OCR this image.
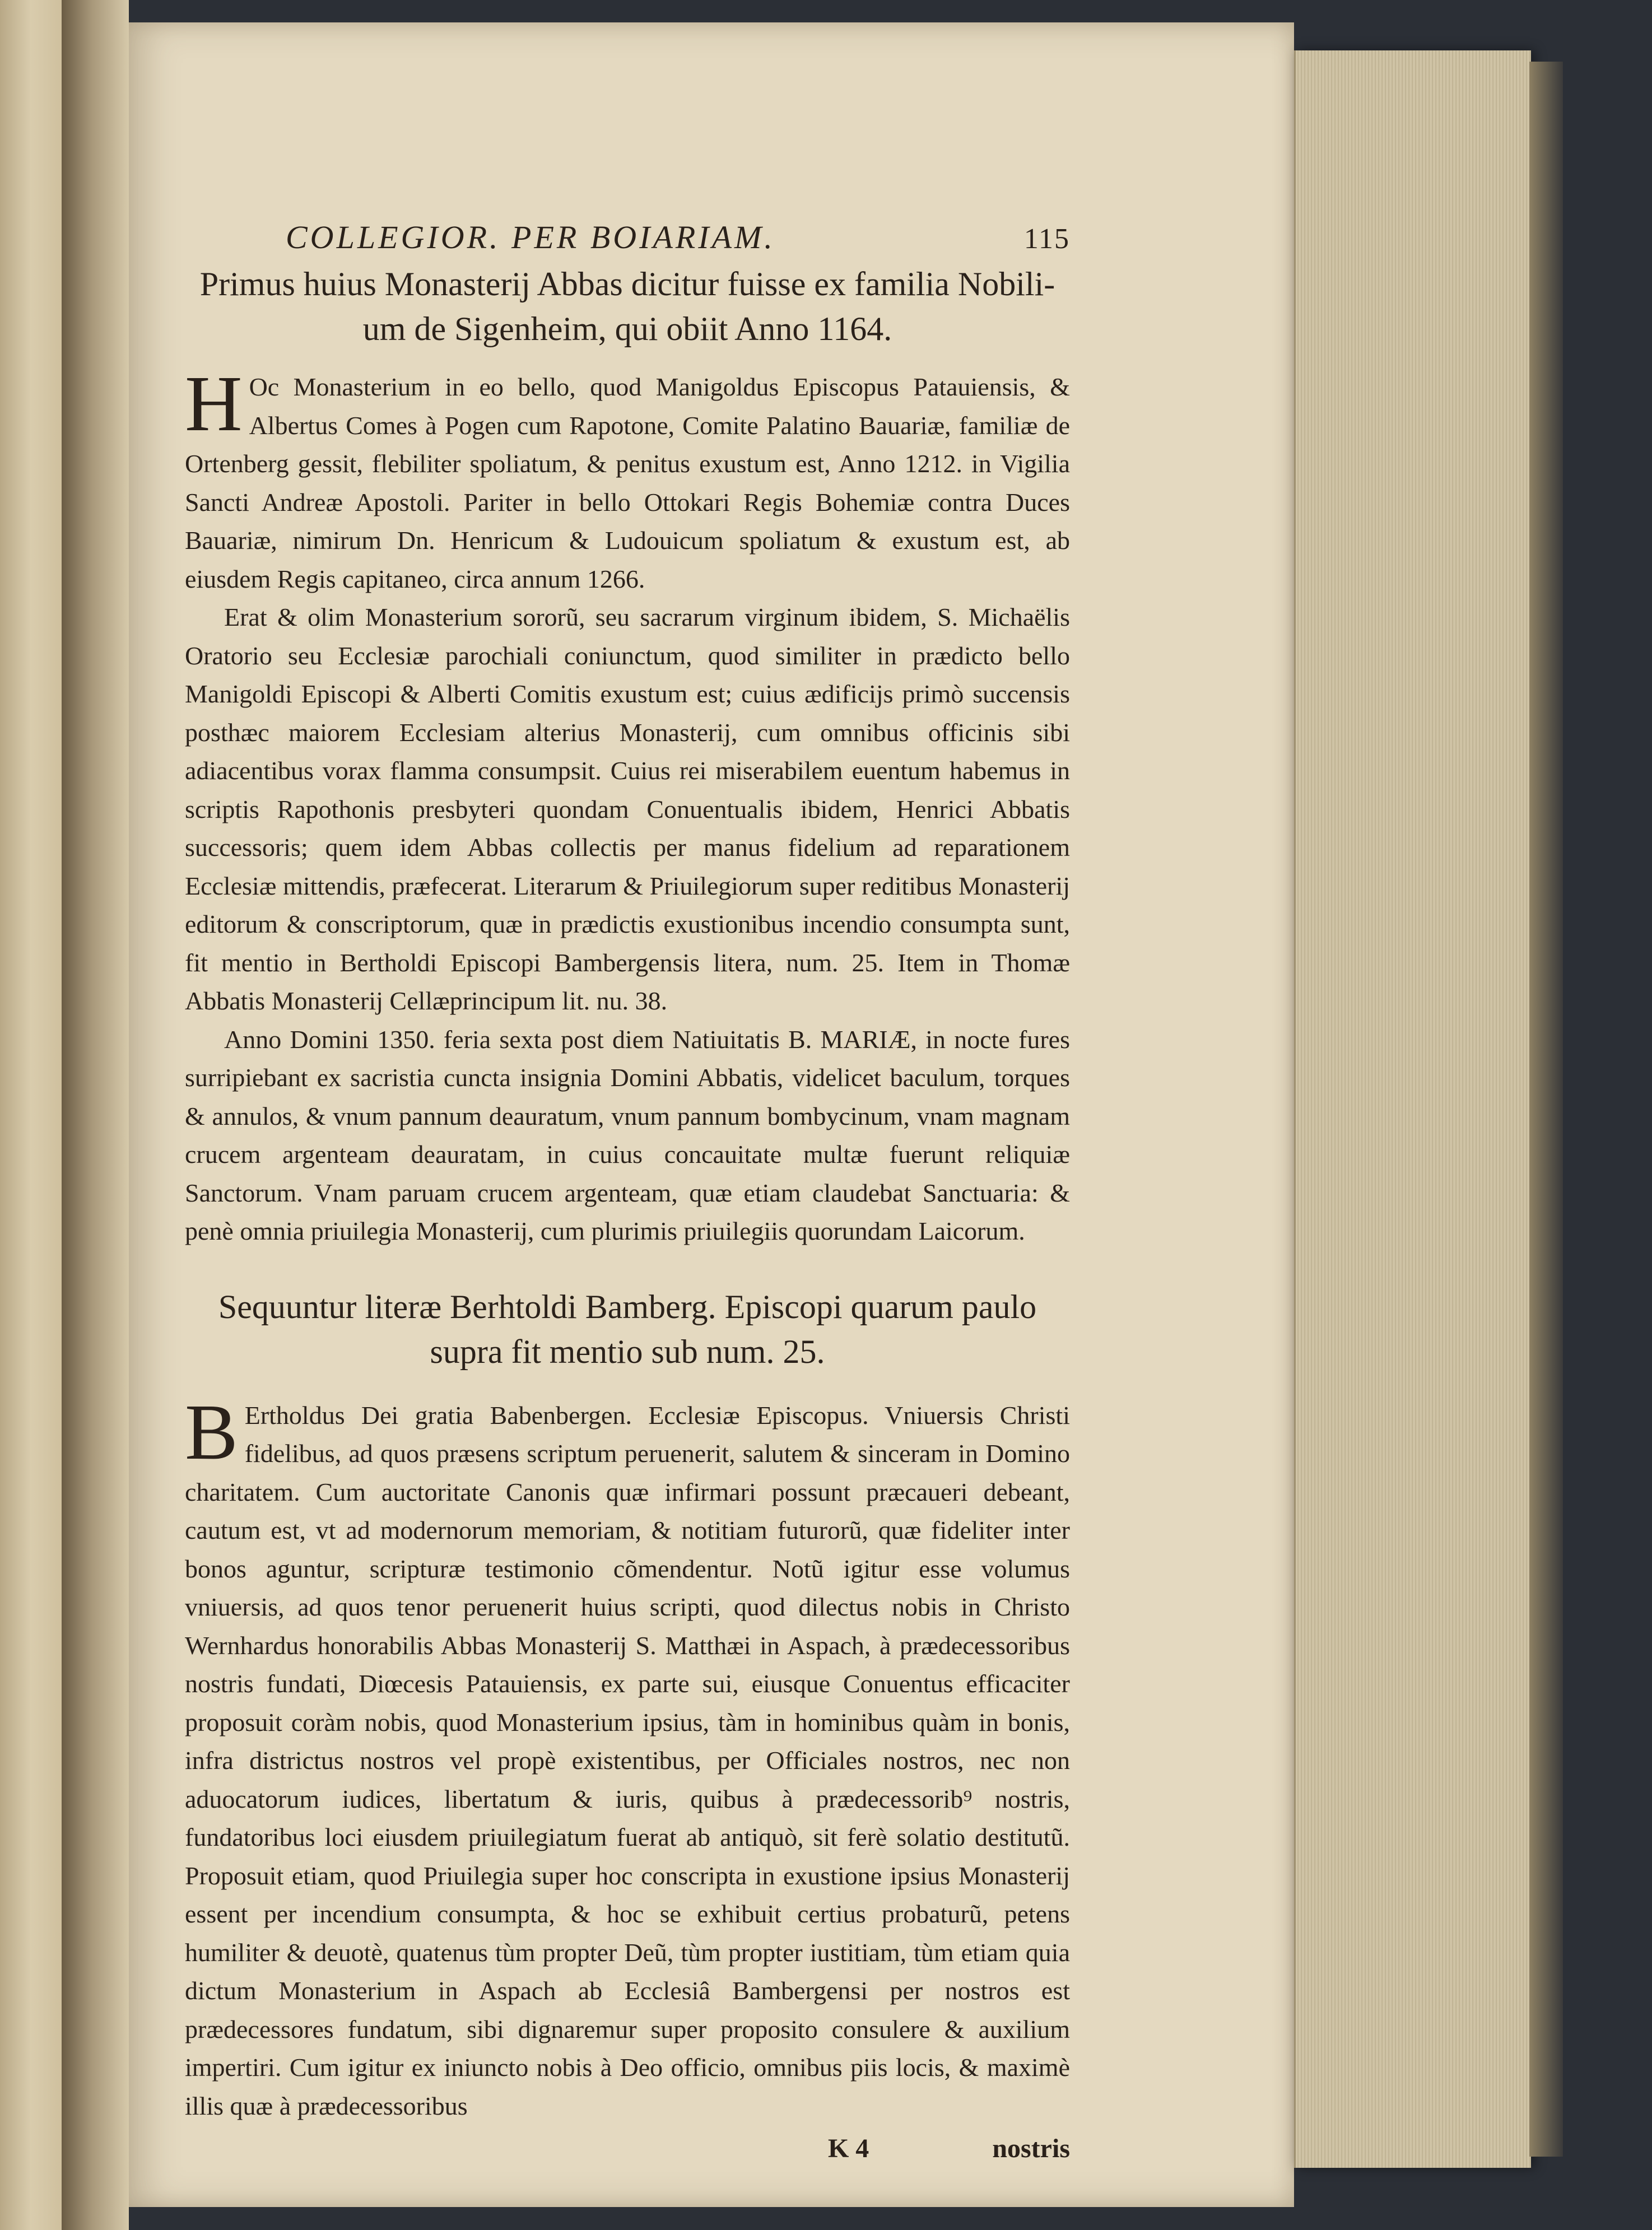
COLLEGIOR. PER BOIARIAM.	115
Primus huius Monasterij Abbas dicitur fuisse ex familia Nobili-
um de Sigenheim, qui obiit Anno 1164.

H Oc Monasterium in eo bello, quod Manigoldus Episcopus Patauiensis, & Albertus Comes à Pogen cum Rapotone, Comite Palatino Bauariæ, familiæ de Ortenberg gessit, flebiliter spoliatum, & penitus exustum est, Anno 1212. in Vigilia Sancti Andreæ Apostoli. Pariter in bello Ottokari Regis Bohemiæ contra Duces Bauariæ, nimirum Dn. Henricum & Ludouicum spoliatum & exustum est, ab eiusdem Regis capitaneo, circa annum 1266.

Erat & olim Monasterium sororũ, seu sacrarum virginum ibidem, S. Michaëlis Oratorio seu Ecclesiæ parochiali coniunctum, quod similiter in prædicto bello Manigoldi Episcopi & Alberti Comitis exustum est; cuius ædificijs primò succensis posthæc maiorem Ecclesiam alterius Monasterij, cum omnibus officinis sibi adiacentibus vorax flamma consumpsit. Cuius rei miserabilem euentum habemus in scriptis Rapothonis presbyteri quondam Conuentualis ibidem, Henrici Abbatis successoris; quem idem Abbas collectis per manus fidelium ad reparationem Ecclesiæ mittendis, præfecerat. Literarum & Priuilegiorum super reditibus Monasterij editorum & conscriptorum, quæ in prædictis exustionibus incendio consumpta sunt, fit mentio in Bertholdi Episcopi Bambergensis litera, num. 25. Item in Thomæ Abbatis Monasterij Cellæprincipum lit. nu. 38.

Anno Domini 1350. feria sexta post diem Natiuitatis B. MARIÆ, in nocte fures surripiebant ex sacristia cuncta insignia Domini Abbatis, videlicet baculum, torques & annulos, & vnum pannum deauratum, vnum pannum bombycinum, vnam magnam crucem argenteam deauratam, in cuius concauitate multæ fuerunt reliquiæ Sanctorum. Vnam paruam crucem argenteam, quæ etiam claudebat Sanctuaria: & penè omnia priuilegia Monasterij, cum plurimis priuilegiis quorundam Laicorum.

Sequuntur literæ Berhtoldi Bamberg. Episcopi quarum paulo
supra fit mentio sub num. 25.

B Ertholdus Dei gratia Babenbergen. Ecclesiæ Episcopus. Vniuersis Christi fidelibus, ad quos præsens scriptum peruenerit, salutem & sinceram in Domino charitatem. Cum auctoritate Canonis quæ infirmari possunt præcaueri debeant, cautum est, vt ad modernorum memoriam, & notitiam futurorũ, quæ fideliter inter bonos aguntur, scripturæ testimonio cõmendentur. Notũ igitur esse volumus vniuersis, ad quos tenor peruenerit huius scripti, quod dilectus nobis in Christo Wernhardus honorabilis Abbas Monasterij S. Matthæi in Aspach, à prædecessoribus nostris fundati, Diœcesis Patauiensis, ex parte sui, eiusque Conuentus efficaciter proposuit coràm nobis, quod Monasterium ipsius, tàm in hominibus quàm in bonis, infra districtus nostros vel propè existentibus, per Officiales nostros, nec non aduocatorum iudices, libertatum & iuris, quibus à prædecessorib⁹ nostris, fundatoribus loci eiusdem priuilegiatum fuerat ab antiquò, sit ferè solatio destitutũ. Proposuit etiam, quod Priuilegia super hoc conscripta in exustione ipsius Monasterij essent per incendium consumpta, & hoc se exhibuit certius probaturũ, petens humiliter & deuotè, quatenus tùm propter Deũ, tùm propter iustitiam, tùm etiam quia dictum Monasterium in Aspach ab Ecclesiâ Bambergensi per nostros est prædecessores fundatum, sibi dignaremur super proposito consulere & auxilium impertiri. Cum igitur ex iniuncto nobis à Deo officio, omnibus piis locis, & maximè illis quæ à prædecessoribus

K 4	nostris
